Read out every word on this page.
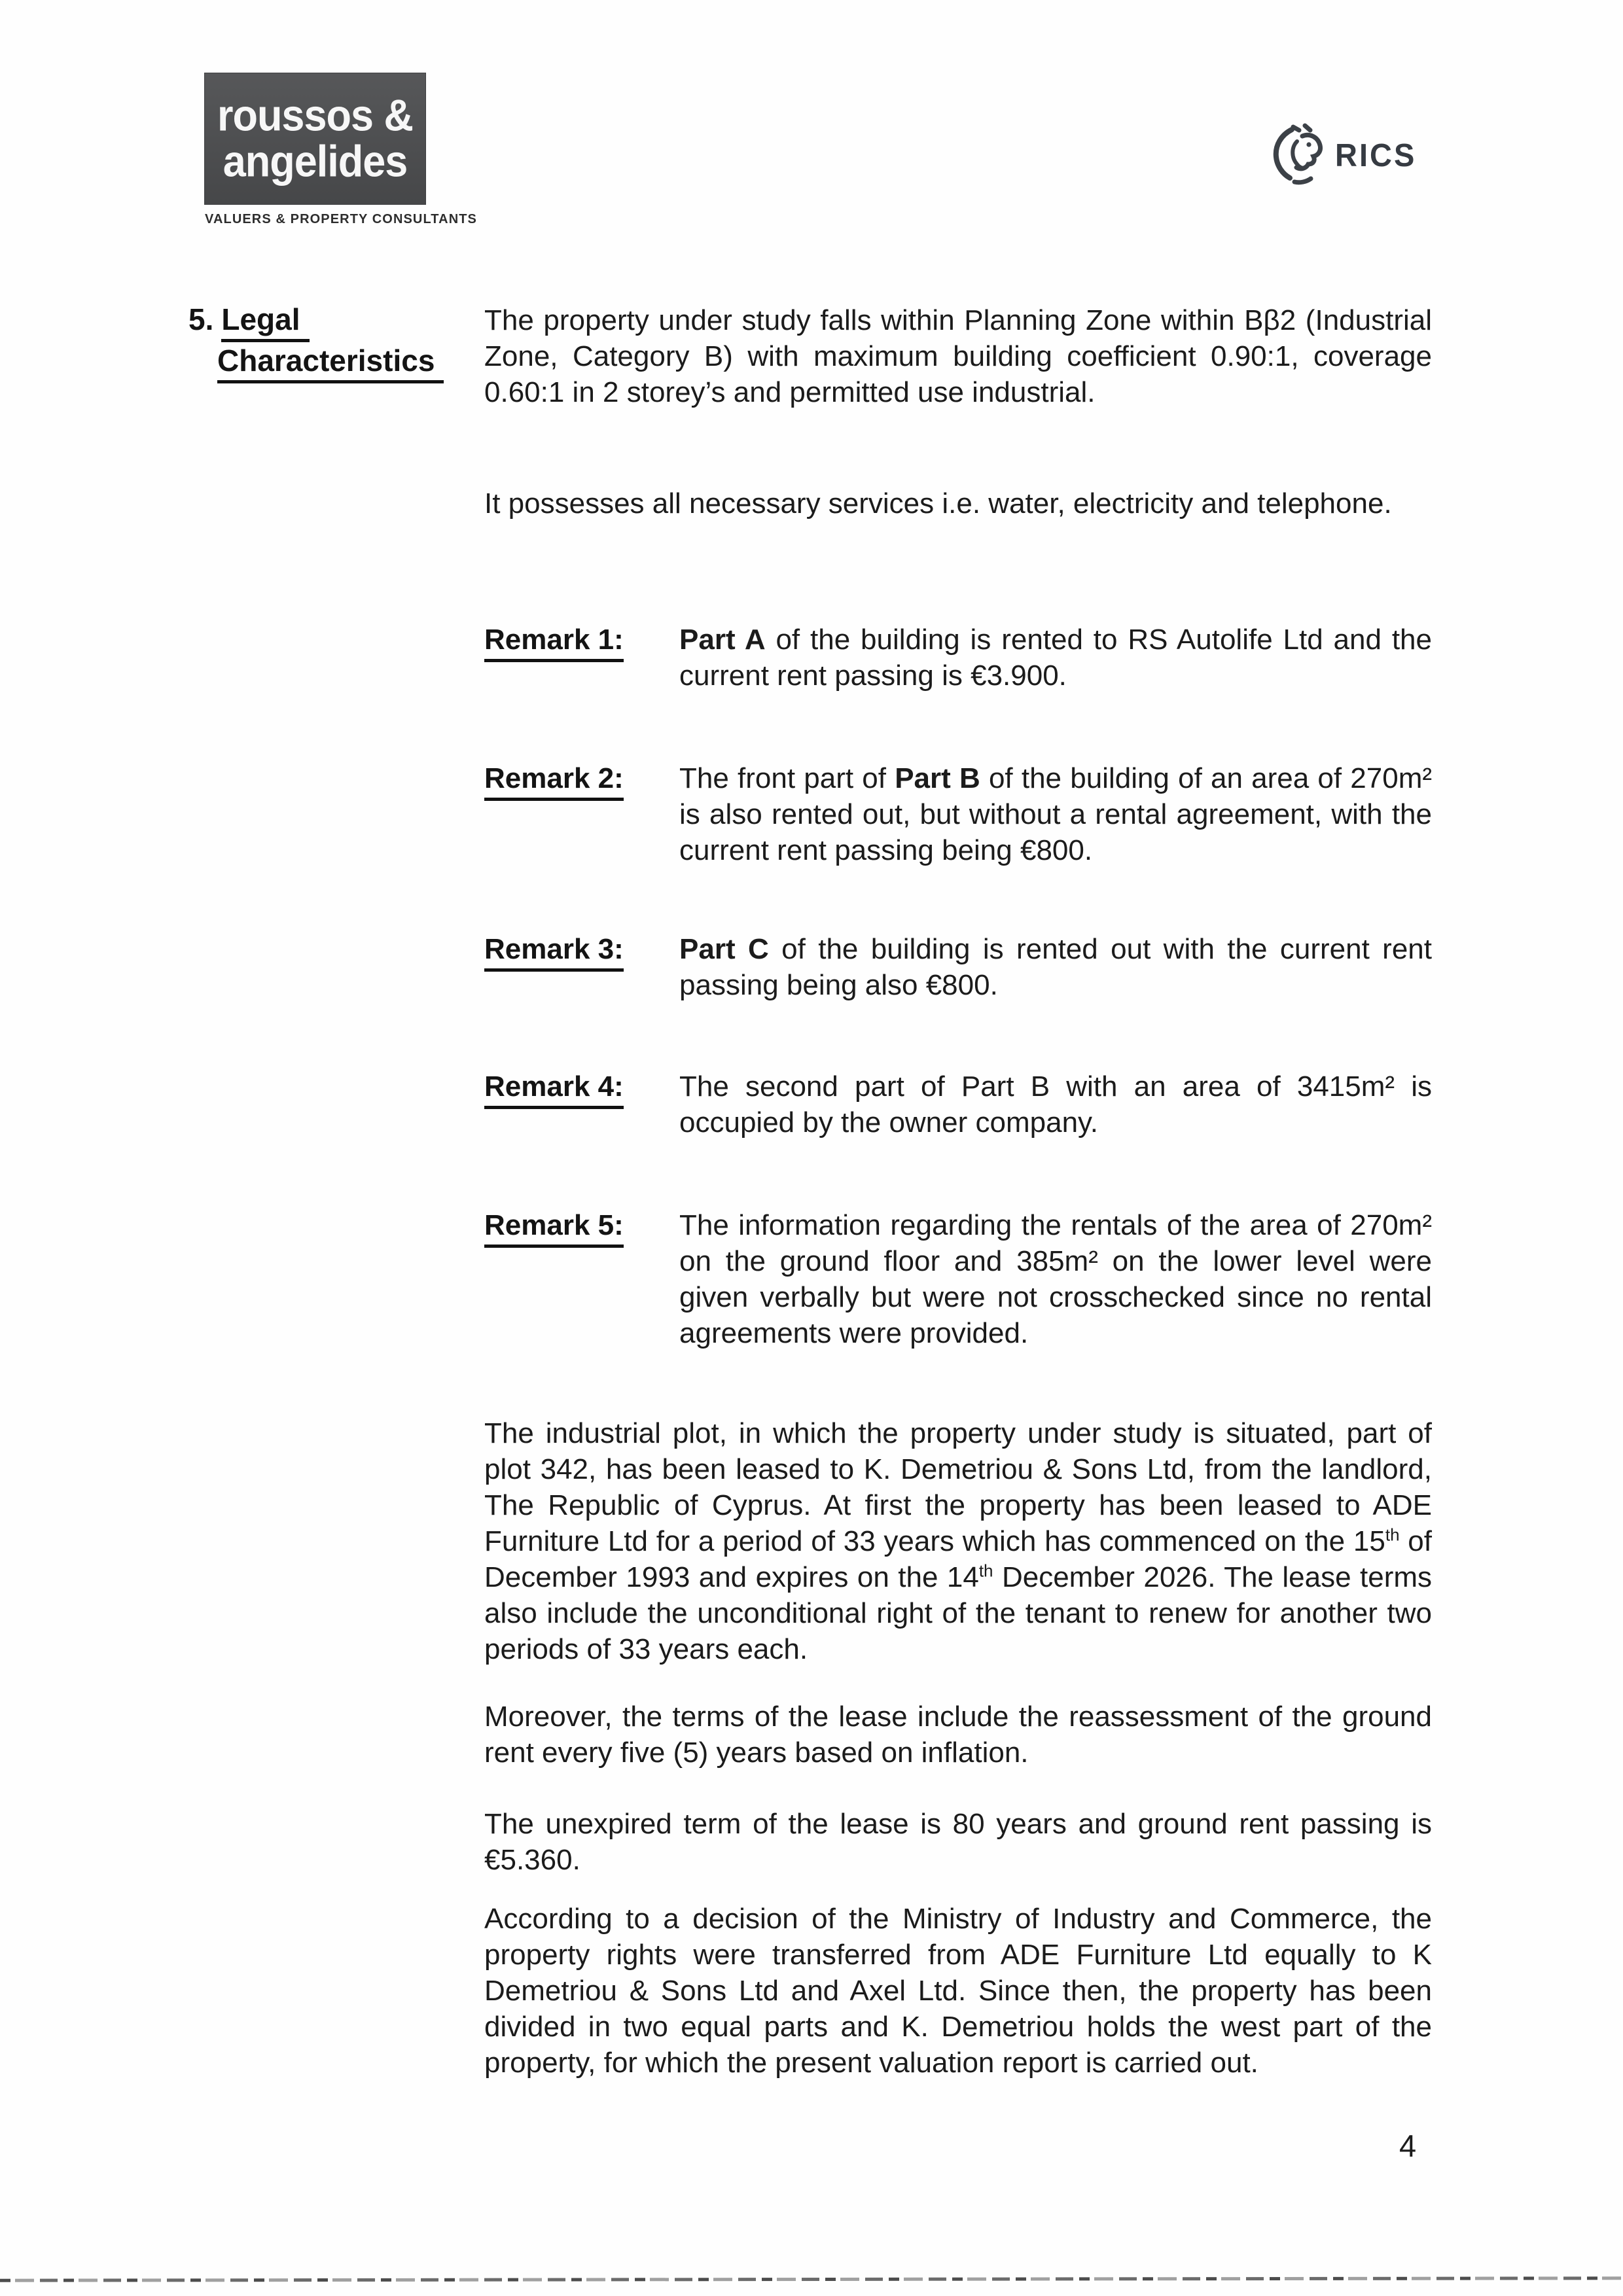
roussos &
angelides
VALUERS & PROPERTY CONSULTANTS
RICS
5. Legal
Characteristics

The property under study falls within Planning Zone within Bβ2 (Industrial Zone, Category B) with maximum building coefficient 0.90:1, coverage 0.60:1 in 2 storey’s and permitted use industrial.

It possesses all necessary services i.e. water, electricity and telephone.

Remark 1:	Part A of the building is rented to RS Autolife Ltd and the current rent passing is €3.900.
Remark 2:	The front part of Part B of the building of an area of 270m² is also rented out, but without a rental agreement, with the current rent passing being €800.
Remark 3:	Part C of the building is rented out with the current rent passing being also €800.
Remark 4:	The second part of Part B with an area of 3415m² is occupied by the owner company.
Remark 5:	The information regarding the rentals of the area of 270m² on the ground floor and 385m² on the lower level were given verbally but were not crosschecked since no rental agreements were provided.

The industrial plot, in which the property under study is situated, part of plot 342, has been leased to K. Demetriou & Sons Ltd, from the landlord, The Republic of Cyprus. At first the property has been leased to ADE Furniture Ltd for a period of 33 years which has commenced on the 15th of December 1993 and expires on the 14th December 2026. The lease terms also include the unconditional right of the tenant to renew for another two periods of 33 years each.

Moreover, the terms of the lease include the reassessment of the ground rent every five (5) years based on inflation.

The unexpired term of the lease is 80 years and ground rent passing is €5.360.

According to a decision of the Ministry of Industry and Commerce, the property rights were transferred from ADE Furniture Ltd equally to K Demetriou & Sons Ltd and Axel Ltd. Since then, the property has been divided in two equal parts and K. Demetriou holds the west part of the property, for which the present valuation report is carried out.

4
